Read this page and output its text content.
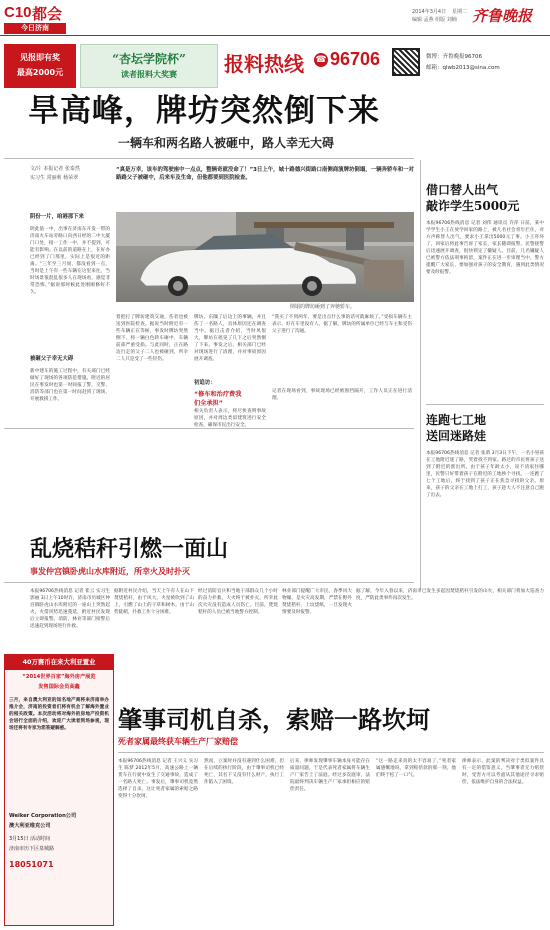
C10 都会
今日济南
2014年3月4日 星期二
编辑 孟燕 组版 刘楠 齐鲁晚报
见报即有奖
最高2000元
“杏坛学院杯”
读者报料大奖赛	报料热线 ☎ 96706	微博：齐鲁晚报96706
邮箱：qlwb2013@sina.com
旱高峰，牌坊突然倒下来
一辆车和两名路人被砸中，路人幸无大碍
文/片 本报记者 张泰然
实习生 常丽莉 杨荣翠
“真是万幸，该车的驾驶座中一点点，整辆奇就没命了！”3日上午，城十路德兴街路口南侧商演牌坊倒塌，一辆奔轿车和一对路路父子被砸中，后来车及生命，但他都要到医院检查。
阴份一片，咱港那下来
阴此值一中，出事在济南东开发一带的济南火车站旁路口向西日经的二中大厦门口处，接一工作一中，并不提到，可能有影响。在以前的道路在上，在好办已经到了门那里，实际上是很近的距离。“三年至三月间，都没看到一点，当时是上午有一些车辆在这里来往，当时场景很混乱很多人在现场看，感觉非常恐怖。”据说那时候此处刚刚修好不久。
被砸父子幸无大碍
新中建车的施工过程中，有关部门已经做好了现场的各项防范措施。附近的居民在事发时也第一时间报了警，交警、消防等部门也在第一时间赶到了现场，开展救援工作。
倒塌的牌坊砸到了奔驰轿车。
着把打了牌坊建筑交通，伤者也被送到医院检查。据说当时附近有一些车辆正在等候，事发时牌坊突然倒下，将一辆白色轿车砸中，车辆前部严重受损。与此同时，正在路边行走的父子二人也被砸到，所幸二人只是受了一些轻伤。
牌坊，东隅了后边上的事辆，并且伤了一名路人，具体原因还在调查当中。据目击者介绍，当时风很大，牌坊在摇晃了几下之后突然倒了下来。事发之后，相关部门已经对现场进行了清理，并对事故原因展开调查。
初追访：
“修车和治疗费我
们全承担”
相关负责人表示，将尽快查明事故原因，并对周边类似建筑进行安全检查，确保市民出行安全。
“我买了不到两年，要是出点什么事的话可就麻烦了。”受损车辆车主表示，好在车里没有人。据了解，牌坊的所属单位已经与车主和受伤父子进行了沟通。
记者在现场看到，事故现场已经被围挡隔开，工作人员正在进行清理。
借口替人出气
敲诈学生5000元
本报96706热线消息 记者 刘伟 通讯员 许萍 日前，某中学学生小王在放学回家的路上，被几名社会青年拦住，对方声称替人出气，要求小王拿出5000元了事。小王吓坏了，回家后将此事告诉了家长，家长随即报警。民警接警后迅速展开调查，很快锁定了嫌疑人。目前，几名嫌疑人已被警方依法刑事拘留，案件正在进一步审理当中。警方提醒广大家长，要加强对孩子的安全教育，遇到此类情况要及时报警。
连跑七工地
送回迷路娃
本报96706热线消息 记者 张萌 3月3日下午，一名小男孩在工地附近迷了路，哭着找不到家。路过的市民将孩子送到了附近的派出所。由于孩子年龄太小，说不清家住哪里，民警只好带着孩子在附近的工地挨个寻找。一连跑了七个工地后，终于找到了孩子正在焦急寻找的父亲。原来，孩子的父亲在工地上打工，孩子趁大人不注意自己跑了出去。
乱烧秸秆引燃一面山
事发仲宫镇卧虎山水库附近，所幸火及时扑灭
本报96706热线消息 记者 崔云 实习生 郭丽 3日上午10时许，济南市历城区仲宫镇卧虎山水库附近的一座山上突然起火，火借风势迅速蔓延，附近村民发现后立即报警。消防、林业等部门接警后迅速赶到现场进行扑救。
据附近村民介绍，当天上午有人在山下焚烧秸秆，由于风大，火星被吹到了山上，引燃了山上的干草和树木。由于山势陡峭，扑救工作十分困难。
经过消防官兵和当地干部群众几个小时的奋力扑救，大火终于被扑灭。所幸此次火灾没有造成人员伤亡。目前，焚烧秸秆的人员已被当地警方控制。
林业部门提醒广大市民，春季风大物燥，是火灾高发期，严禁在野外焚烧秸秆、上坟烧纸，一旦发现火情要及时报警。
据了解，今年入春以来，济南市已发生多起因焚烧秸秆引发的山火，相关部门将加大巡查力度，严防此类事件再次发生。
40万赛币在来大利亚置业
“2014世界百家”海外房产展览
发售国际会员高鑫
三月，来自澳大利亚的知名地产商将来济南举办推介会，济南的投资者们将有机会了解海外置业的相关政策。本次活动将对海外的房地产投资机会进行全面的介绍，欢迎广大读者到场参观，现场还将有专家为您答疑解惑。
Weiker Corporation公司
澳大利亚维克公司
3月15日 活动时间
济南市历下区泉城路
18051071
肇事司机自杀，索赔一路坎坷
死者家属最终获车辆生产厂家赔偿
本报96706热线消息 记者 王兴义 实习生 陈梦 2012年5月，高速公路上一辆货车在行驶中发生了交通事故，造成了一名路人死亡。事发后，肇事司机竟然选择了自杀，这让死者家属的索赔之路变得十分坎坷。
然而，立案时并没有遇到什么困难，但在后续的执行阶段，由于肇事司机已经死亡，其名下又没有什么财产，执行工作陷入了困境。
后来，律师发现肇事车辆本身可能存在质量问题，于是代表死者家属将车辆生产厂家告上了法庭。经过多次庭审，法院最终判决车辆生产厂家承担相应的赔偿责任。
“这一路走来真的太不容易了。”死者家属感慨地说，拿到赔偿款的那一刻，他们终于松了一口气。
律师表示，此案的判决对于类似案件具有一定的借鉴意义。当肇事者无力赔偿时，受害方可以考虑从其他途径寻求赔偿，依法维护自身的合法权益。
